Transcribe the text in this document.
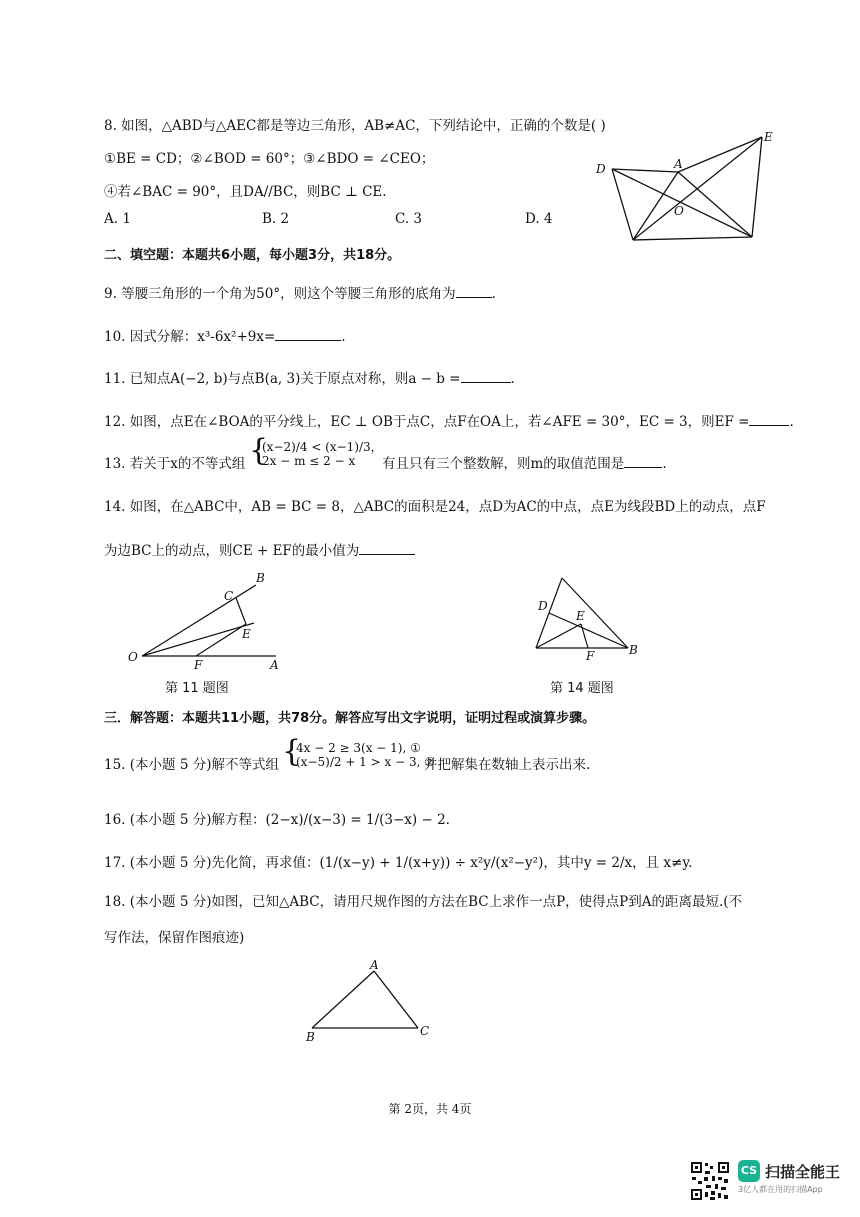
8. 如图，△ABD与△AEC都是等边三角形，AB≠AC，下列结论中，正确的个数是( )
①BE = CD；②∠BOD = 60°；③∠BDO = ∠CEO；
④若∠BAC = 90°，且DA//BC，则BC ⊥ CE.
A. 1	B. 2	C. 3	D. 4
D	A
E
O
二、填空题：本题共6小题，每小题3分，共18分。
9. 等腰三角形的一个角为50°，则这个等腰三角形的底角为	.
10. 因式分解：x³-6x²+9x=	.
11. 已知点A(−2, b)与点B(a, 3)关于原点对称，则a − b =	.
12. 如图，点E在∠BOA的平分线上，EC ⊥ OB于点C，点F在OA上，若∠AFE = 30°，EC = 3，则EF =	.
13. 若关于x的不等式组 {
(x−2)/4 < (x−1)/3，
2x − m ≤ 2 − x	有且只有三个整数解，则m的取值范围是	.
14. 如图，在△ABC中，AB = BC = 8，△ABC的面积是24，点D为AC的中点，点E为线段BD上的动点，点F
为边BC上的动点，则CE + EF的最小值为
B
C
E
O
F	A
第 11 题图
D
E
F	B
第 14 题图
三．解答题：本题共11小题，共78分。解答应写出文字说明，证明过程或演算步骤。
15. (本小题 5 分)解不等式组 {
4x − 2 ≥ 3(x − 1), ①
(x−5)/2 + 1 > x − 3, ②
并把解集在数轴上表示出来.
16. (本小题 5 分)解方程：(2−x)/(x−3) = 1/(3−x) − 2.
17. (本小题 5 分)先化简，再求值：(1/(x−y) + 1/(x+y)) ÷ x²y/(x²−y²)，其中y = 2/x，且 x≠y.
18. (本小题 5 分)如图，已知△ABC，请用尺规作图的方法在BC上求作一点P，使得点P到A的距离最短.(不
写作法，保留作图痕迹)
A
B	C
第 2页，共 4页
CS 扫描全能王
3亿人都在用的扫描App
